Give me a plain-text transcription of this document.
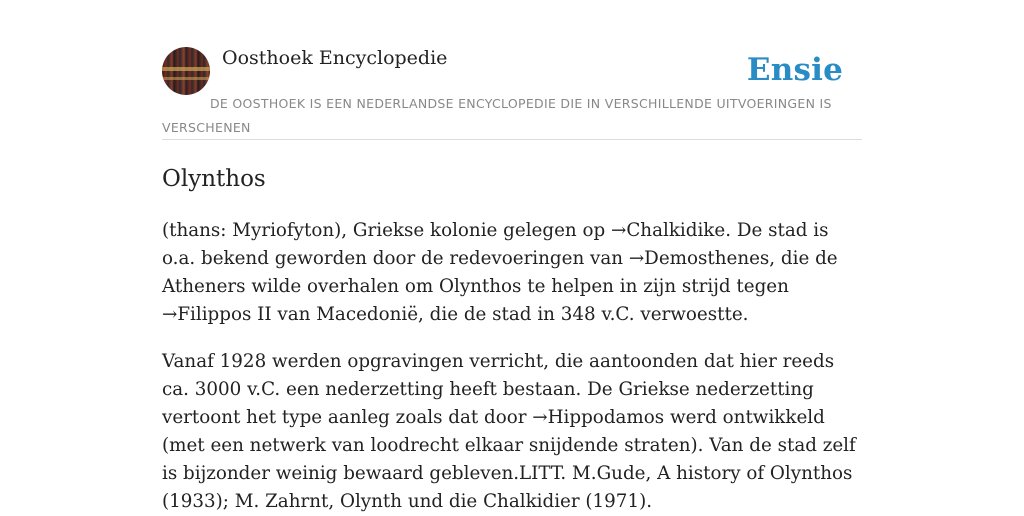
Oosthoek Encyclopedie	Ensie
DE OOSTHOEK IS EEN NEDERLANDSE ENCYCLOPEDIE DIE IN VERSCHILLENDE UITVOERINGEN IS VERSCHENEN
Olynthos

(thans: Myriofyton), Griekse kolonie gelegen op →Chalkidike. De stad is o.a. bekend geworden door de redevoeringen van →Demosthenes, die de Atheners wilde overhalen om Olynthos te helpen in zijn strijd tegen →Filippos II van Macedonië, die de stad in 348 v.C. verwoestte.

Vanaf 1928 werden opgravingen verricht, die aantoonden dat hier reeds ca. 3000 v.C. een nederzetting heeft bestaan. De Griekse nederzetting vertoont het type aanleg zoals dat door →Hippodamos werd ontwikkeld (met een netwerk van loodrecht elkaar snijdende straten). Van de stad zelf is bijzonder weinig bewaard gebleven.LITT. M.Gude, A history of Olynthos (1933); M. Zahrnt, Olynth und die Chalkidier (1971).
